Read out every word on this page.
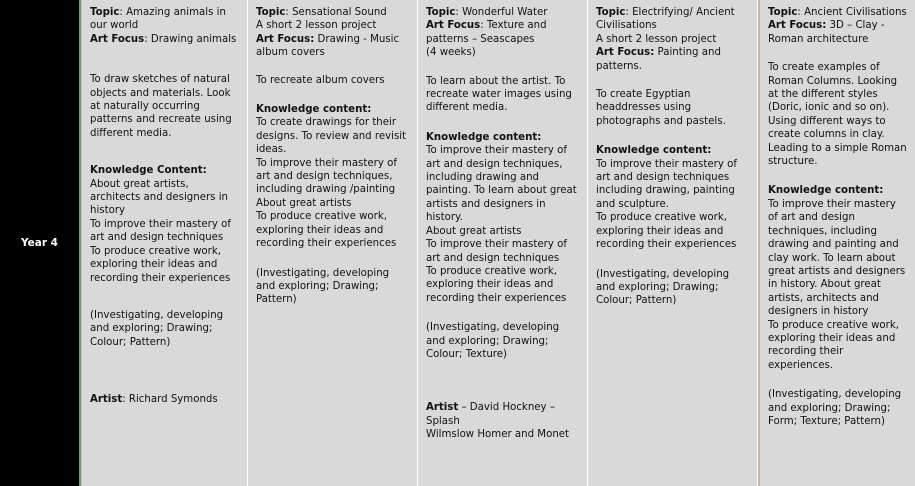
Year 4

Topic: Amazing animals in our world

Art Focus: Drawing animals

To draw sketches of natural objects and materials. Look at naturally occurring patterns and recreate using different media.

Knowledge Content:

About great artists, architects and designers in history
To improve their mastery of art and design techniques
To produce creative work, exploring their ideas and recording their experiences

(Investigating, developing and exploring; Drawing; Colour; Pattern)

Artist: Richard Symonds

Topic: Sensational Sound
A short 2 lesson project

Art Focus: Drawing - Music album covers

To recreate album covers

Knowledge content:

To create drawings for their designs. To review and revisit ideas.
To improve their mastery of art and design techniques, including drawing /painting
About great artists
To produce creative work, exploring their ideas and recording their experiences

(Investigating, developing and exploring; Drawing; Pattern)

Topic: Wonderful Water

Art Focus: Texture and patterns – Seascapes
(4 weeks)

To learn about the artist. To recreate water images using different media.

Knowledge content:

To improve their mastery of art and design techniques, including drawing and painting. To learn about great artists and designers in history.
About great artists
To improve their mastery of art and design techniques
To produce creative work, exploring their ideas and recording their experiences

(Investigating, developing and exploring; Drawing; Colour; Texture)

Artist – David Hockney – Splash
Wilmslow Homer and Monet

Topic: Electrifying/ Ancient Civilisations
A short 2 lesson project

Art Focus: Painting and patterns.

To create Egyptian headdresses using photographs and pastels.

Knowledge content:

To improve their mastery of art and design techniques including drawing, painting and sculpture.
To produce creative work, exploring their ideas and recording their experiences

(Investigating, developing and exploring; Drawing; Colour; Pattern)

Topic: Ancient Civilisations

Art Focus: 3D – Clay - Roman architecture

To create examples of Roman Columns. Looking at the different styles (Doric, ionic and so on). Using different ways to create columns in clay. Leading to a simple Roman structure.

Knowledge content:

To improve their mastery of art and design techniques, including drawing and painting and clay work. To learn about great artists and designers in history. About great artists, architects and designers in history
To produce creative work, exploring their ideas and recording their experiences.

(Investigating, developing and exploring; Drawing; Form; Texture; Pattern)
